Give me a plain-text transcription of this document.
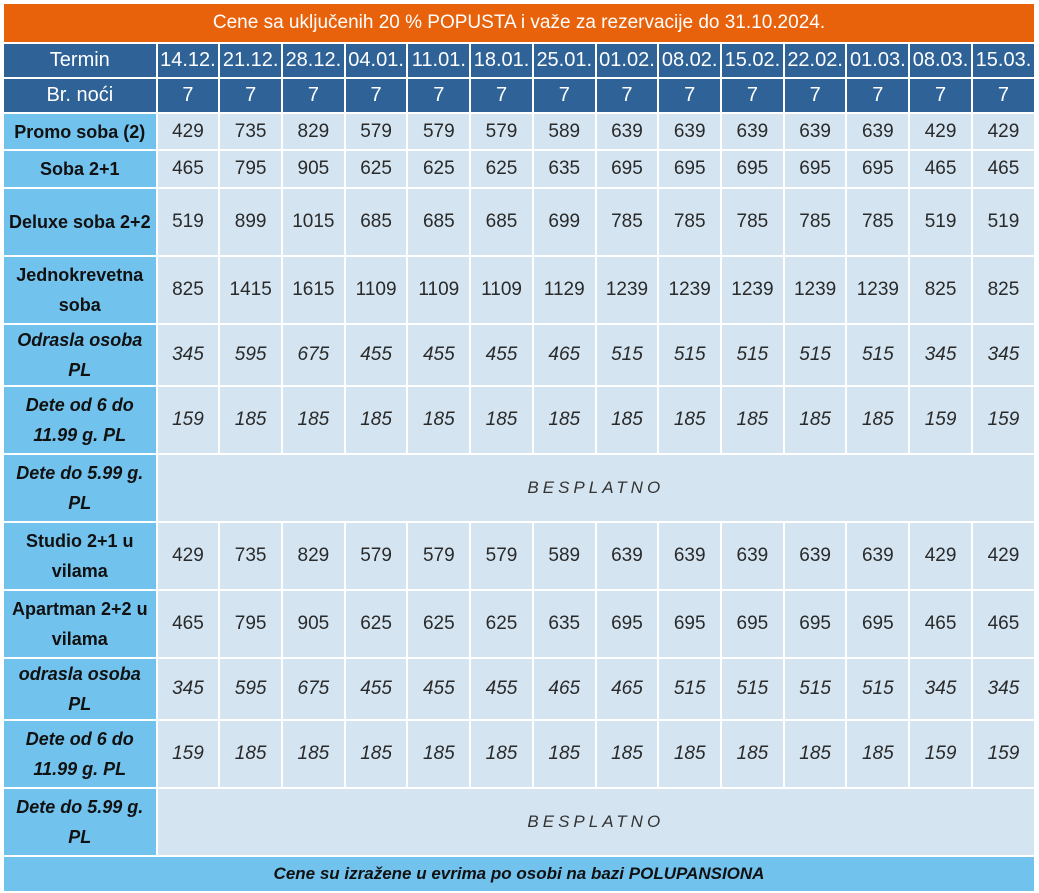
Cene sa uključenih 20 % POPUSTA i važe za rezervacije do 31.10.2024.														
Termin	14.12.	21.12.	28.12.	04.01.	11.01.	18.01.	25.01.	01.02.	08.02.	15.02.	22.02.	01.03.	08.03.	15.03.
Br. noći	7	7	7	7	7	7	7	7	7	7	7	7	7	7
Promo soba (2)	429	735	829	579	579	579	589	639	639	639	639	639	429	429
Soba 2+1	465	795	905	625	625	625	635	695	695	695	695	695	465	465
Deluxe soba 2+2	519	899	1015	685	685	685	699	785	785	785	785	785	519	519
Jednokrevetna soba	825	1415	1615	1109	1109	1109	1129	1239	1239	1239	1239	1239	825	825
Odrasla osoba PL	345	595	675	455	455	455	465	515	515	515	515	515	345	345
Dete od 6 do 11.99 g. PL	159	185	185	185	185	185	185	185	185	185	185	185	159	159
Dete do 5.99 g. PL	BESPLATNO													
Studio 2+1 u vilama	429	735	829	579	579	579	589	639	639	639	639	639	429	429
Apartman 2+2 u vilama	465	795	905	625	625	625	635	695	695	695	695	695	465	465
odrasla osoba PL	345	595	675	455	455	455	465	465	515	515	515	515	345	345
Dete od 6 do 11.99 g. PL	159	185	185	185	185	185	185	185	185	185	185	185	159	159
Dete do 5.99 g. PL	BESPLATNO													
Cene su izražene u evrima po osobi na bazi POLUPANSIONA														
